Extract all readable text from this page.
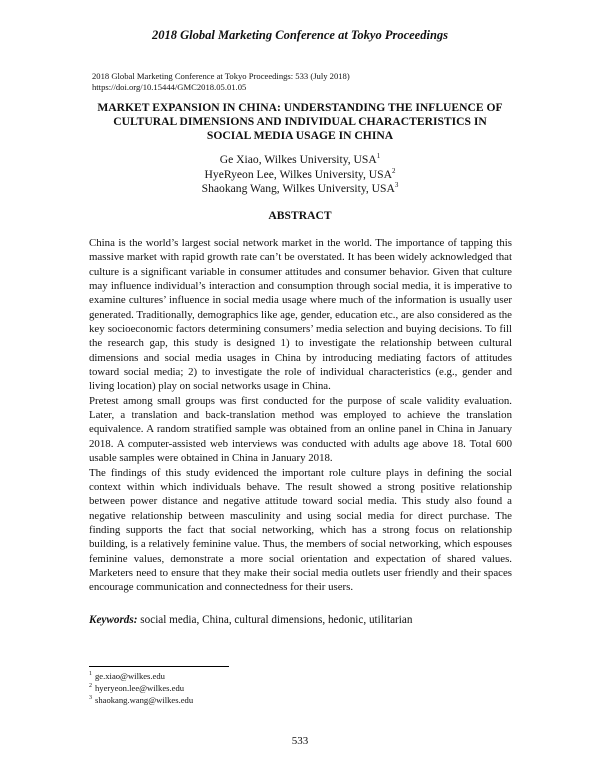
2018 Global Marketing Conference at Tokyo Proceedings
2018 Global Marketing Conference at Tokyo Proceedings: 533 (July 2018)
https://doi.org/10.15444/GMC2018.05.01.05
MARKET EXPANSION IN CHINA: UNDERSTANDING THE INFLUENCE OF
CULTURAL DIMENSIONS AND INDIVIDUAL CHARACTERISTICS IN
SOCIAL MEDIA USAGE IN CHINA
Ge Xiao, Wilkes University, USA$^1$
HyeRyeon Lee, Wilkes University, USA$^2$
Shaokang Wang, Wilkes University, USA$^3$
ABSTRACT

China is the world’s largest social network market in the world. The importance of tapping this massive market with rapid growth rate can’t be overstated. It has been widely acknowledged that culture is a significant variable in consumer attitudes and consumer behavior. Given that culture may influence individual’s interaction and consumption through social media, it is imperative to examine cultures’ influence in social media usage where much of the information is usually user generated. Traditionally, demographics like age, gender, education etc., are also considered as the key socioeconomic factors determining consumers’ media selection and buying decisions. To fill the research gap, this study is designed 1) to investigate the relationship between cultural dimensions and social media usages in China by introducing mediating factors of attitudes toward social media; 2) to investigate the role of individual characteristics (e.g., gender and living location) play on social networks usage in China.

Pretest among small groups was first conducted for the purpose of scale validity evaluation. Later, a translation and back-translation method was employed to achieve the translation equivalence. A random stratified sample was obtained from an online panel in China in January 2018. A computer-assisted web interviews was conducted with adults age above 18. Total 600 usable samples were obtained in China in January 2018.

The findings of this study evidenced the important role culture plays in defining the social context within which individuals behave. The result showed a strong positive relationship between power distance and negative attitude toward social media. This study also found a negative relationship between masculinity and using social media for direct purchase. The finding supports the fact that social networking, which has a strong focus on relationship building, is a relatively feminine value. Thus, the members of social networking, which espouses feminine values, demonstrate a more social orientation and expectation of shared values. Marketers need to ensure that they make their social media outlets user friendly and their spaces encourage communication and connectedness for their users.

Keywords: social media, China, cultural dimensions, hedonic, utilitarian
$^1$ ge.xiao@wilkes.edu
$^2$ hyeryeon.lee@wilkes.edu
$^3$ shaokang.wang@wilkes.edu
533
